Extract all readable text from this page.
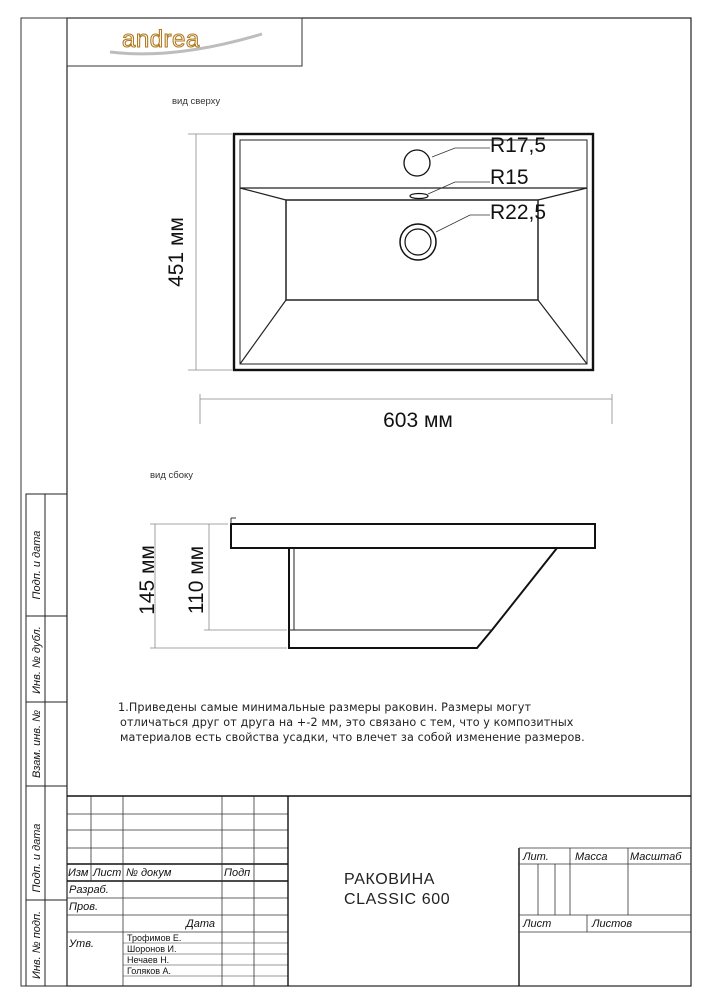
andrea
вид сверху
R17,5
R15
R22,5
451 мм
603 мм
вид сбоку
145 мм 110 мм
Подп. и дата
Инв. № дубл.
Взам. инв. №
Подп. и дата
Инв. № подп.
Изм Лист № докум	Подп
Дата
Разраб.
Пров.
Утв.	Трофимов Е.
Шоронов И.
Нечаев Н.
Голяков А.
РАКОВИНА
CLASSIC 600
Лит. Масса Масштаб
Лист	Листов
1.Приведены самые минимальные размеры раковин. Размеры могут
отличаться друг от друга на +-2 мм, это связано с тем, что у композитных
материалов есть свойства усадки, что влечет за собой изменение размеров.
